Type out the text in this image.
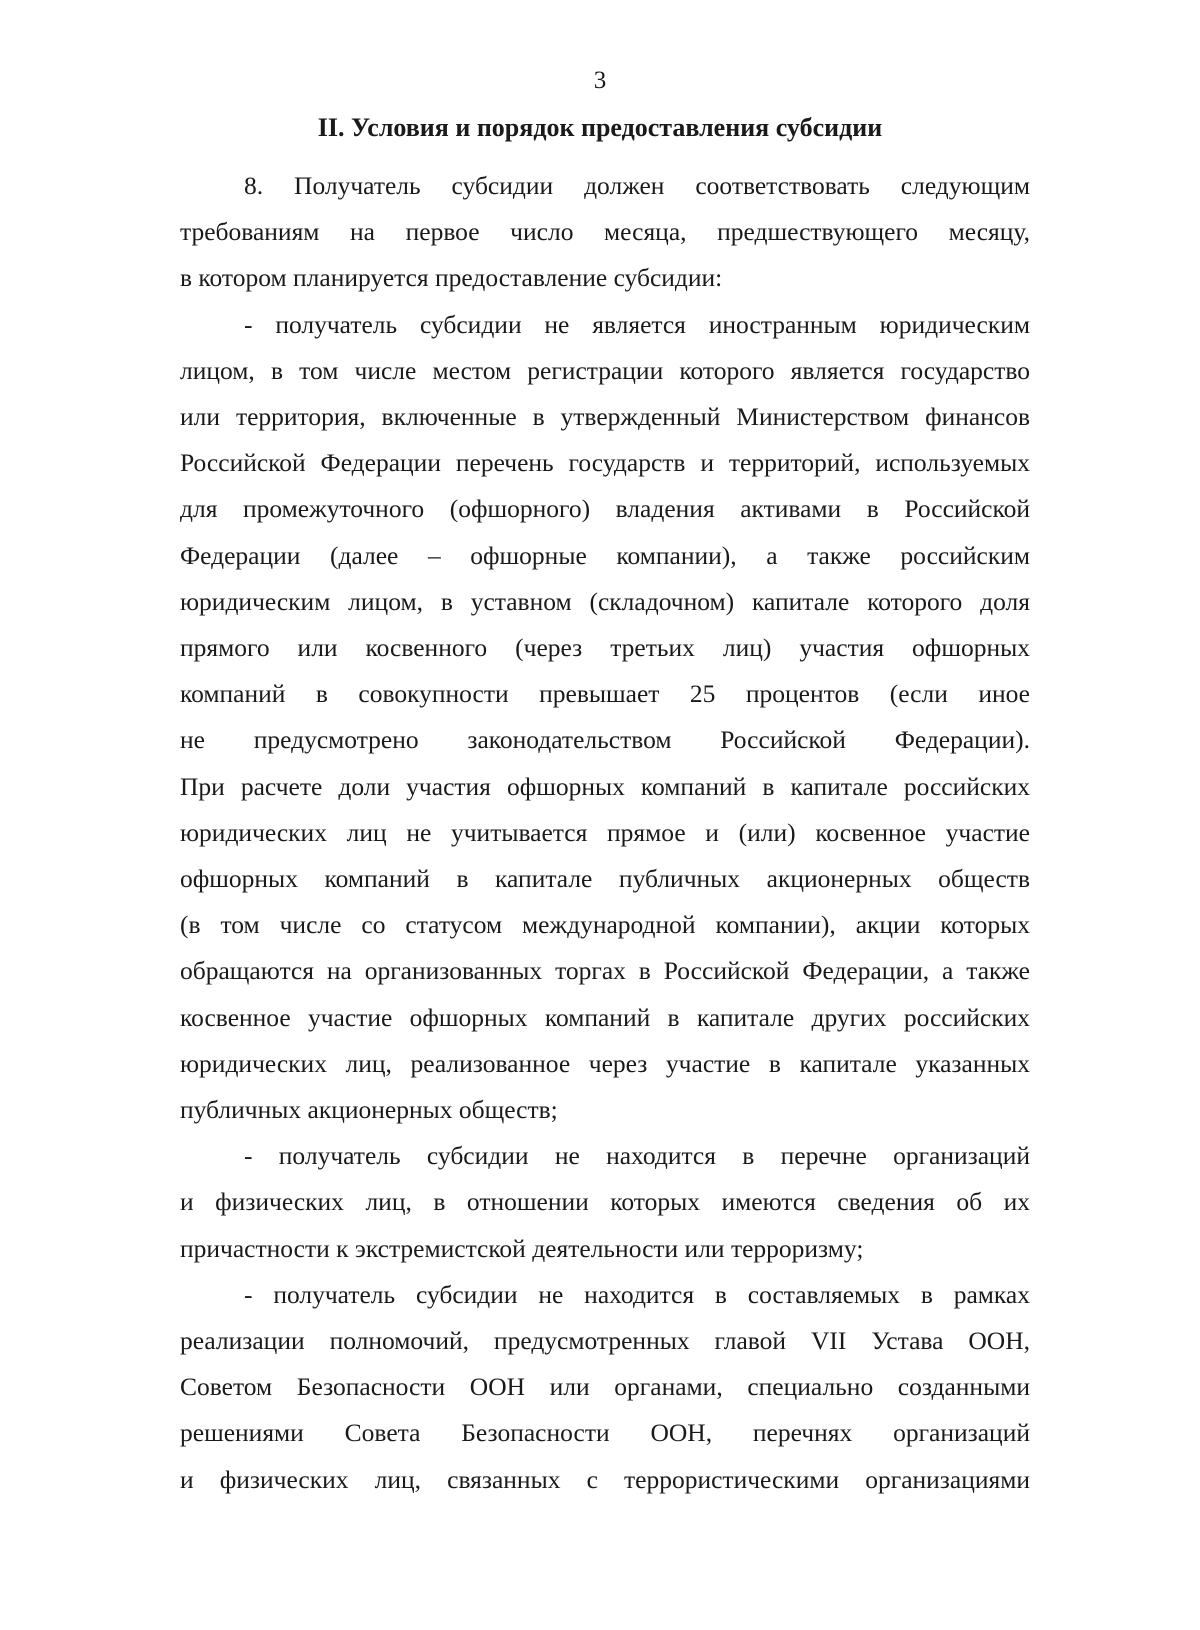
3
II. Условия и порядок предоставления субсидии
8. Получатель субсидии должен соответствовать следующим
требованиям на первое число месяца, предшествующего месяцу,
в котором планируется предоставление субсидии:
- получатель субсидии не является иностранным юридическим
лицом, в том числе местом регистрации которого является государство
или территория, включенные в утвержденный Министерством финансов
Российской Федерации перечень государств и территорий, используемых
для промежуточного (офшорного) владения активами в Российской
Федерации (далее – офшорные компании), а также российским
юридическим лицом, в уставном (складочном) капитале которого доля
прямого или косвенного (через третьих лиц) участия офшорных
компаний в совокупности превышает 25 процентов (если иное
не предусмотрено законодательством Российской Федерации).
При расчете доли участия офшорных компаний в капитале российских
юридических лиц не учитывается прямое и (или) косвенное участие
офшорных компаний в капитале публичных акционерных обществ
(в том числе со статусом международной компании), акции которых
обращаются на организованных торгах в Российской Федерации, а также
косвенное участие офшорных компаний в капитале других российских
юридических лиц, реализованное через участие в капитале указанных
публичных акционерных обществ;
- получатель субсидии не находится в перечне организаций
и физических лиц, в отношении которых имеются сведения об их
причастности к экстремистской деятельности или терроризму;
- получатель субсидии не находится в составляемых в рамках
реализации полномочий, предусмотренных главой VII Устава ООН,
Советом Безопасности ООН или органами, специально созданными
решениями Совета Безопасности ООН, перечнях организаций
и физических лиц, связанных с террористическими организациями
